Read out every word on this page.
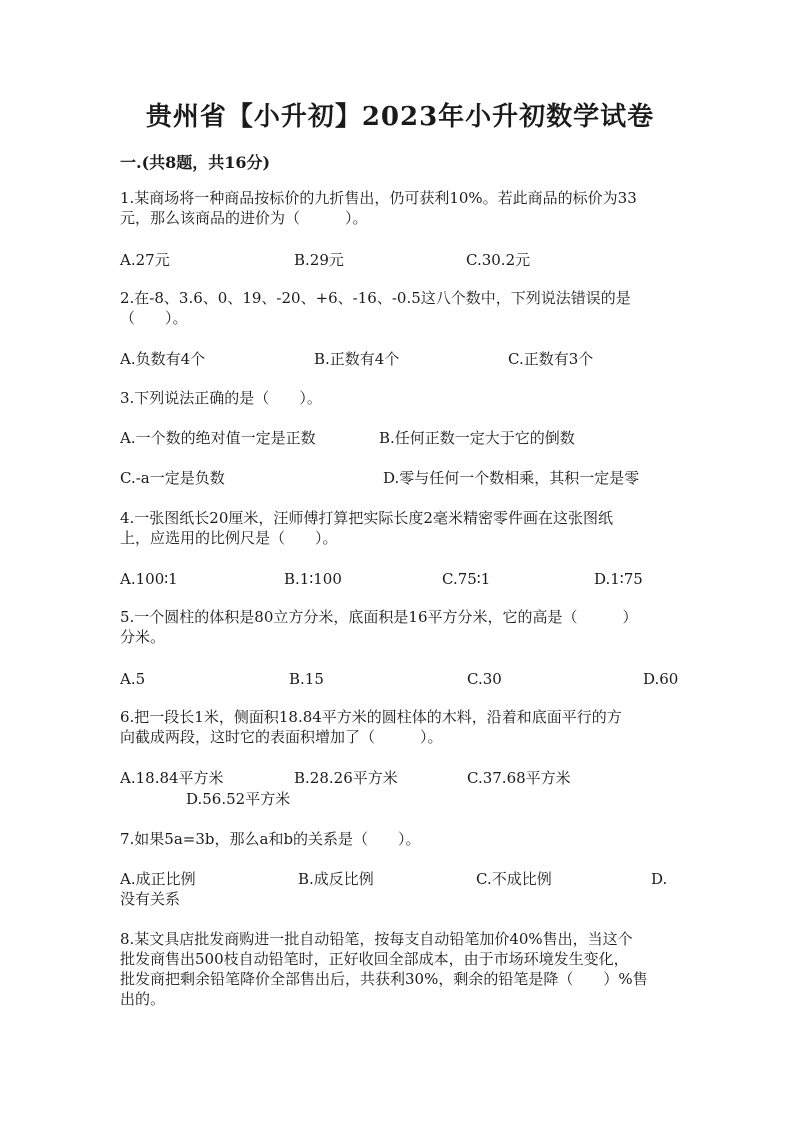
贵州省【小升初】2023年小升初数学试卷
一.(共8题，共16分)
1.某商场将一种商品按标价的九折售出，仍可获利10%。若此商品的标价为33
元，那么该商品的进价为（　　　）。
A.27元	B.29元	C.30.2元
2.在-8、3.6、0、19、-20、+6、-16、-0.5这八个数中，下列说法错误的是
（　　）。
A.负数有4个	B.正数有4个	C.正数有3个
3.下列说法正确的是（　　）。
A.一个数的绝对值一定是正数	B.任何正数一定大于它的倒数
C.-a一定是负数	D.零与任何一个数相乘，其积一定是零
4.一张图纸长20厘米，汪师傅打算把实际长度2毫米精密零件画在这张图纸
上，应选用的比例尺是（　　）。
A.100∶1	B.1∶100	C.75∶1	D.1∶75
5.一个圆柱的体积是80立方分米，底面积是16平方分米，它的高是（　　　）
分米。
A.5	B.15	C.30	D.60
6.把一段长1米，侧面积18.84平方米的圆柱体的木料，沿着和底面平行的方
向截成两段，这时它的表面积增加了（　　　）。
A.18.84平方米	B.28.26平方米	C.37.68平方米
D.56.52平方米
7.如果5a=3b，那么a和b的关系是（　　）。
A.成正比例	B.成反比例	C.不成比例	D.
没有关系
8.某文具店批发商购进一批自动铅笔，按每支自动铅笔加价40%售出，当这个
批发商售出500枝自动铅笔时，正好收回全部成本，由于市场环境发生变化，
批发商把剩余铅笔降价全部售出后，共获利30%，剩余的铅笔是降（　　）%售
出的。
